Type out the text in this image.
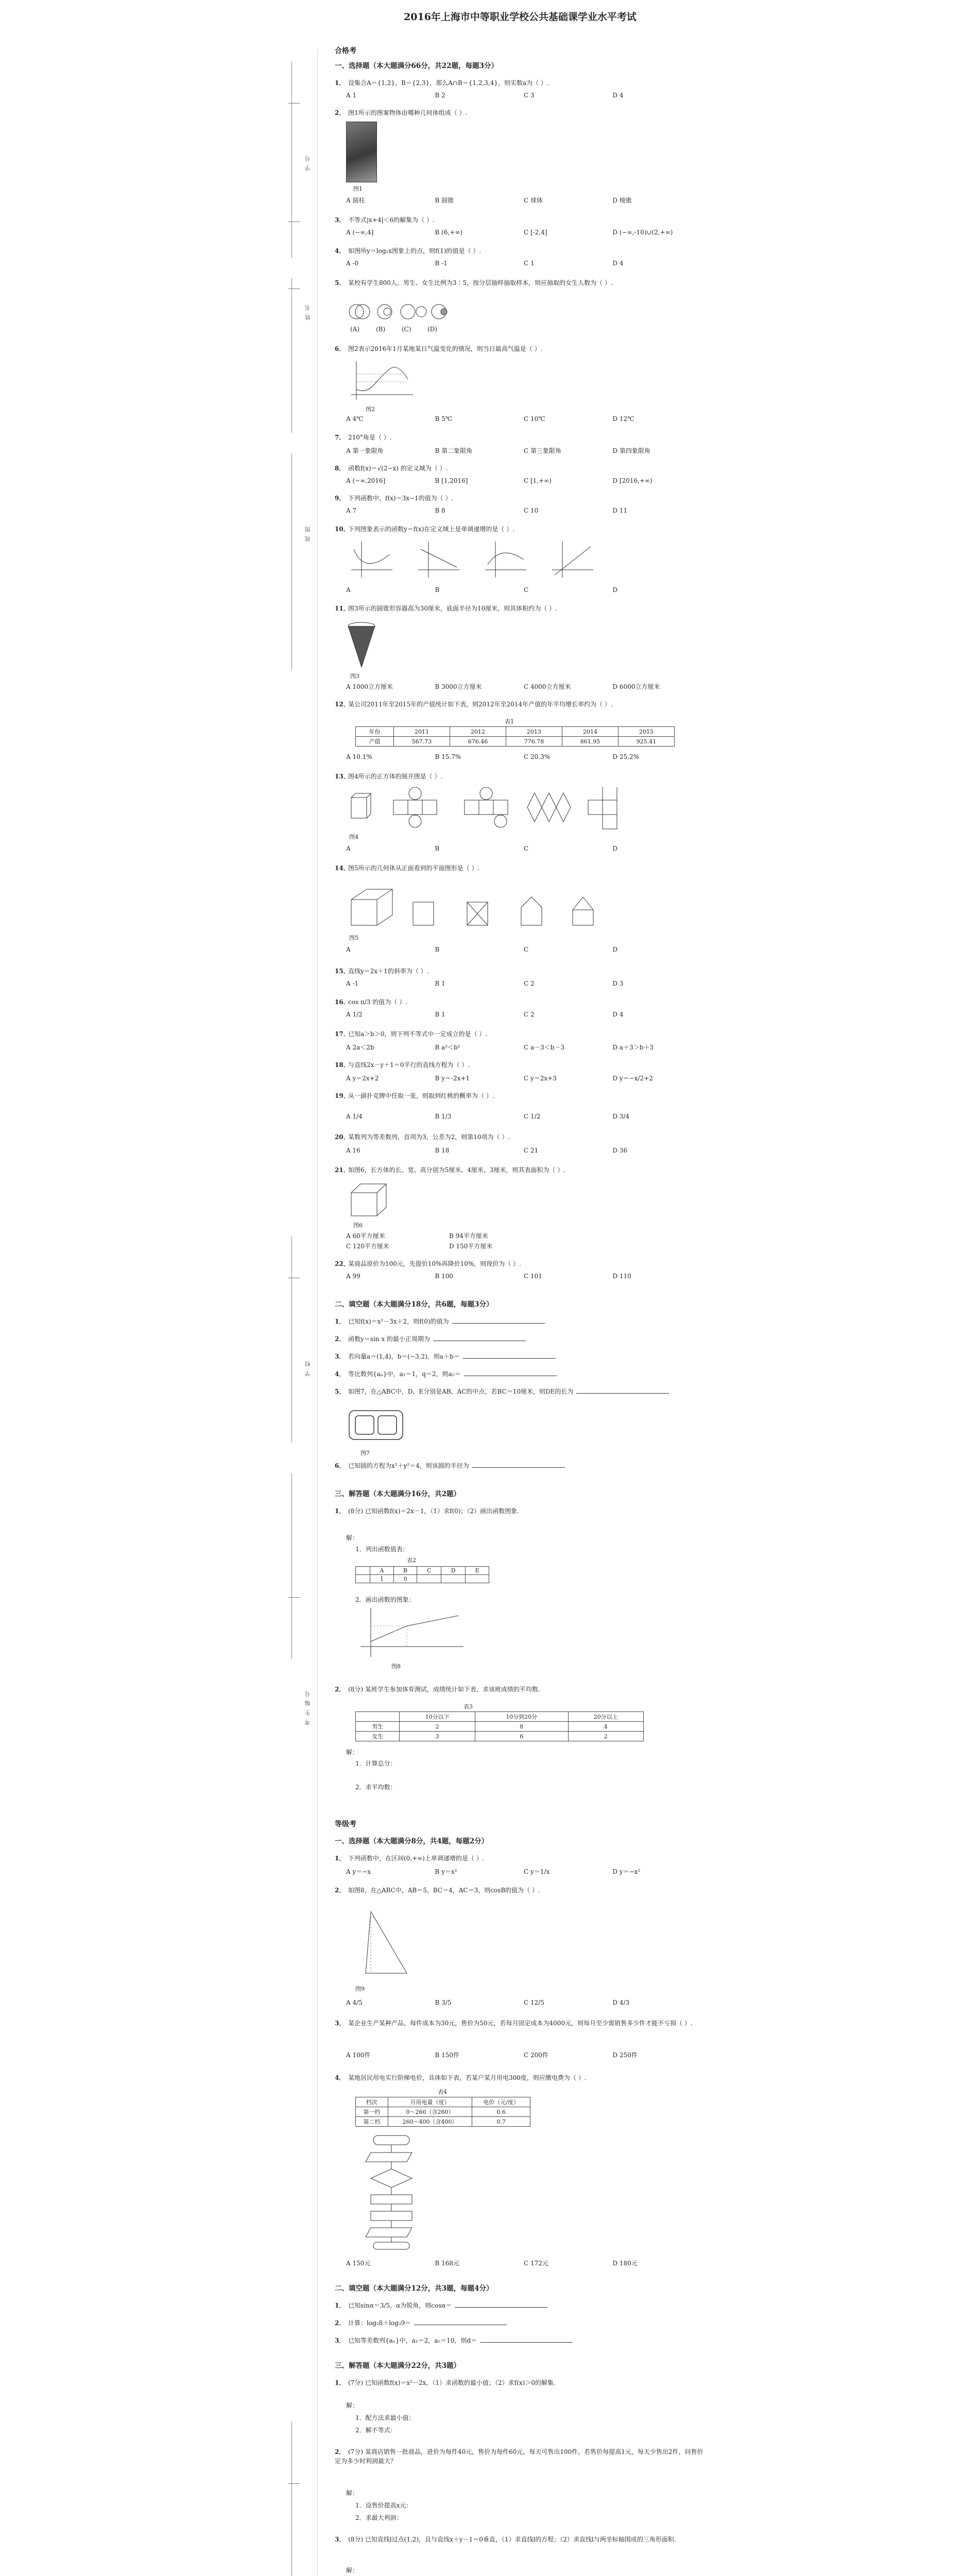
学 号
姓 名
班 级
学 校
考 生 编 号
2016年上海市中等职业学校公共基础课学业水平考试
合格考
一、选择题（本大题满分66分，共22题，每题3分）
1． 设集合A＝{1,2}，B＝{2,3}，那么A∩B＝{1,2,3,4}，则实数a为（ ）.
A 1	B 2	C 3	D 4
2． 图1所示的图案物体由哪种几何体组成（ ）.
图1
A 圆柱	B 圆锥	C 球体	D 棱锥
3． 不等式|x+4|＜6的解集为（ ）.
A (−∞,4]	B (6,+∞)	C [-2,4]	D (−∞,-10)∪(2,+∞)
4． 如图所y＝log₂x图象上的点，则f(1)的值是（ ）.
A -0	B -1	C 1	D 4
5． 某校有学生800人，男生、女生比例为3∶5，按分层抽样抽取样本，则应抽取的女生人数为（ ）.
(A)	(B)	(C)	(D)
6． 图2表示2016年1月某地某日气温变化的情况，则当日最高气温是（ ）.
图2
A 4℃	B 5℃	C 10℃	D 12℃
7． 210°角是（ ）.
A 第一象限角	B 第二象限角	C 第三象限角	D 第四象限角
8． 函数f(x)＝√(2−x) 的定义域为（ ）.
A (−∞,2016]	B [1,2016]	C [1,+∞)	D [2016,+∞)
9． 下列函数中，f(x)＝3x−1的值为（ ）.
A 7	B 8	C 10	D 11
10．下列图象表示的函数y＝f(x)在定义域上是单调递增的是（ ）.
A	B	C	D
11．图3所示的圆锥形容器高为30厘米，底面半径为10厘米，则其体积约为（ ）.
图3
A 1000立方厘米	B 3000立方厘米	C 4000立方厘米	D 6000立方厘米
12．某公司2011年至2015年的产值统计如下表，则2012年至2014年产值的年平均增长率约为（ ）.
表1
年份	2011	2012	2013	2014	2015
产值	567.73	676.46	776.78	861.95	925.41
A 10.1%	B 15.7%	C 20.3%	D 25.2%
13．图4所示的正方体的展开图是（ ）.
图4
A	B	C	D
14．图5所示的几何体从正面看到的平面图形是（ ）.
图5
A	B	C	D
15．直线y＝2x＋1的斜率为（ ）.
A -1	B 1	C 2	D 3
16．cos π/3 的值为（ ）.
A 1/2	B 1	C 2	D 4
17．已知a＞b＞0，则下列不等式中一定成立的是（ ）.
A 2a＜2b	B a²＜b²	C a－3＜b－3	D a＋3＞b＋3
18．与直线2x－y＋1＝0平行的直线方程为（ ）.
A y＝2x+2	B y＝-2x+1	C y＝2x+3	D y＝−x/2+2
19．从一副扑克牌中任取一张，则取到红桃的概率为（ ）.
A 1/4	B 1/3	C 1/2	D 3/4
20．某数列为等差数列，首项为3，公差为2，则第10项为（ ）.
A 16	B 18	C 21	D 36
21．如图6，长方体的长、宽、高分别为5厘米、4厘米、3厘米，则其表面积为（ ）.
图6
A 60平方厘米	B 94平方厘米
C 120平方厘米	D 150平方厘米
22．某商品原价为100元，先提价10%再降价10%，则现价为（ ）.
A 99	B 100	C 101	D 110
二、填空题（本大题满分18分，共6题，每题3分）
1． 已知f(x)＝x²－3x＋2，则f(0)的值为
2． 函数y＝sin x 的最小正周期为
3． 若向量a＝(1,4)，b＝(−3,2)，则a＋b＝
4． 等比数列{aₙ}中，a₁＝1，q＝2，则a₅＝
5． 如图7，在△ABC中，D、E分别是AB、AC的中点，若BC＝10厘米，则DE的长为
图7
6． 已知圆的方程为x²＋y²＝4，则该圆的半径为
三、解答题（本大题满分16分，共2题）
1． (8分) 已知函数f(x)＝2x－1，（1）求f(0)；（2）画出函数图象.
解：
1．列出函数值表：
表2
	A	B	C	D	E
	1	0			
2．画出函数的图象：
图8
2． (8分) 某班学生参加体育测试，成绩统计如下表，求该班成绩的平均数.
表3
	10分以下	10分到20分	20分以上
男生	2	8	4
女生	3	6	2
解：
1．计算总分：
2．求平均数：
等级考
一、选择题（本大题满分8分，共4题，每题2分）
1． 下列函数中，在区间(0,+∞)上单调递增的是（ ）.
A y＝−x	B y＝x²	C y＝1/x	D y＝−x²
2． 如图8，在△ABC中，AB＝5，BC＝4，AC＝3，则cosB的值为（ ）.
图9
A 4/5	B 3/5	C 12/5	D 4/3
3． 某企业生产某种产品，每件成本为30元，售价为50元，若每月固定成本为4000元，则每月至少需销售多少件才能不亏损（ ）.
A 100件	B 150件	C 200件	D 250件
4． 某地居民用电实行阶梯电价，具体如下表，若某户某月用电300度，则应缴电费为（ ）.
表4
档次	月用电量（度）	电价（元/度）
第一档	0～260（含260）	0.6
第二档	260～400（含400）	0.7
A 150元	B 168元	C 172元	D 180元
二、填空题（本大题满分12分，共3题，每题4分）
1． 已知sinα＝3/5，α为锐角，则cosα＝
2． 计算：log₂8＋log₃9＝
3． 已知等差数列{aₙ}中，a₁＝2，a₅＝10，则d＝
三、解答题（本大题满分22分，共3题）
1． (7分) 已知函数f(x)＝x²－2x，（1）求函数的最小值；（2）求f(x)＞0的解集.
解：
1．配方法求最小值：
2．解不等式：
2． (7分) 某商店销售一批商品，进价为每件40元，售价为每件60元，每天可售出100件，若售价每提高1元，每天少售出2件，问售价定为多少时利润最大？
解：
1．设售价提高x元：
2．求最大利润：
3． (8分) 已知直线l过点(1,2)，且与直线x＋y－1＝0垂直，（1）求直线l的方程；（2）求直线l与两坐标轴围成的三角形面积.
解：
